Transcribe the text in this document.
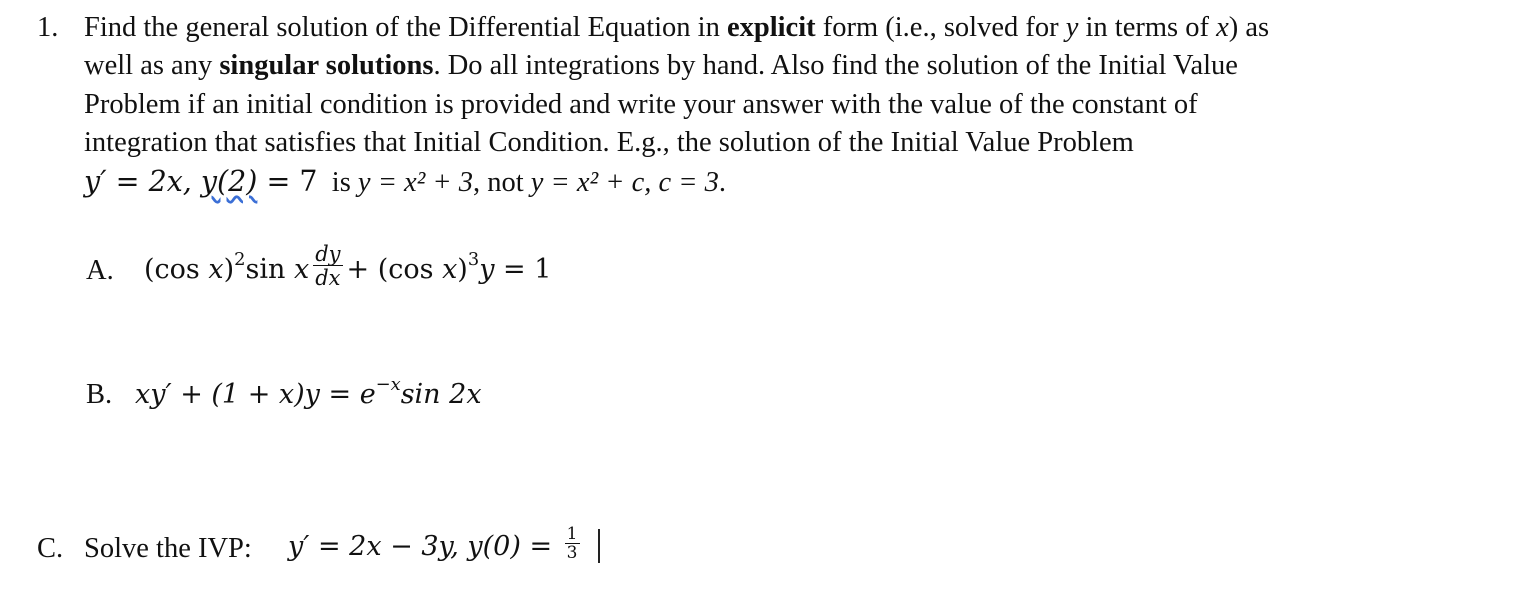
1. Find the general solution of the Differential Equation in explicit form (i.e., solved for y in terms of x) as
well as any singular solutions. Do all integrations by hand. Also find the solution of the Initial Value
Problem if an initial condition is provided and write your answer with the value of the constant of
integration that satisfies that Initial Condition. E.g., the solution of the Initial Value Problem
y′ = 2x, y(2) = 7  is y = x² + 3, not y = x² + c, c = 3.
A. (cos x)$^2$sin x $\frac{dy}{dx} + (\cos$ x)$^3$y = 1
B. $xy' + (1 + x)y = e^{-x}\sin$ 2x
C. Solve the IVP: y′ = 2x − 3y, $y(0) = \frac{1}{3}$
